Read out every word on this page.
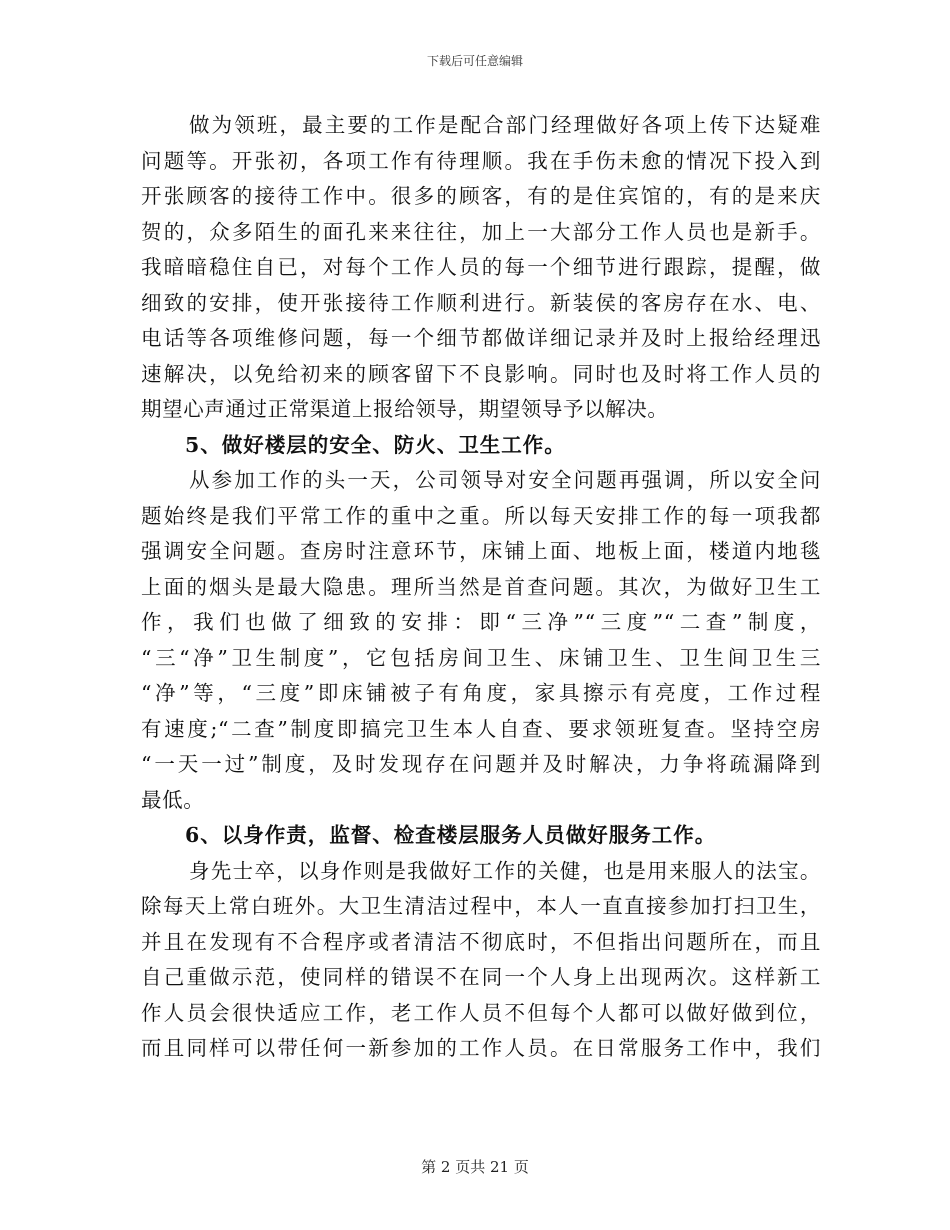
下载后可任意编辑
做为领班，最主要的工作是配合部门经理做好各项上传下达疑难
问题等。开张初，各项工作有待理顺。我在手伤未愈的情况下投入到
开张顾客的接待工作中。很多的顾客，有的是住宾馆的，有的是来庆
贺的，众多陌生的面孔来来往往，加上一大部分工作人员也是新手。
我暗暗稳住自已，对每个工作人员的每一个细节进行跟踪，提醒，做
细致的安排，使开张接待工作顺利进行。新装侯的客房存在水、电、
电话等各项维修问题，每一个细节都做详细记录并及时上报给经理迅
速解决，以免给初来的顾客留下不良影响。同时也及时将工作人员的
期望心声通过正常渠道上报给领导，期望领导予以解决。
5、做好楼层的安全、防火、卫生工作。
从参加工作的头一天，公司领导对安全问题再强调，所以安全问
题始终是我们平常工作的重中之重。所以每天安排工作的每一项我都
强调安全问题。查房时注意环节，床铺上面、地板上面，楼道内地毯
上面的烟头是最大隐患。理所当然是首查问题。其次，为做好卫生工
作，我们也做了细致的安排：即“三净”“三度”“二查”制度，
“三“净”卫生制度”，它包括房间卫生、床铺卫生、卫生间卫生三
“净”等，“三度”即床铺被子有角度，家具擦示有亮度，工作过程
有速度;“二查”制度即搞完卫生本人自查、要求领班复查。坚持空房
“一天一过”制度，及时发现存在问题并及时解决，力争将疏漏降到
最低。
6、以身作责，监督、检查楼层服务人员做好服务工作。
身先士卒，以身作则是我做好工作的关健，也是用来服人的法宝。
除每天上常白班外。大卫生清洁过程中，本人一直直接参加打扫卫生，
并且在发现有不合程序或者清洁不彻底时，不但指出问题所在，而且
自己重做示范，使同样的错误不在同一个人身上出现两次。这样新工
作人员会很快适应工作，老工作人员不但每个人都可以做好做到位，
而且同样可以带任何一新参加的工作人员。在日常服务工作中，我们
第 2 页共 21 页
